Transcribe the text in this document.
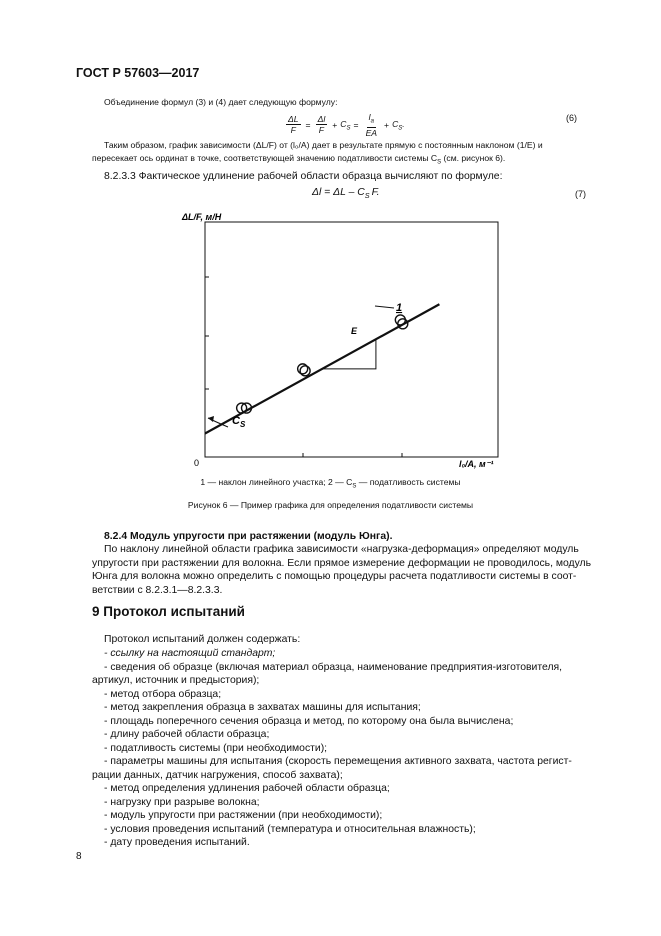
ГОСТ Р 57603—2017
Объединение формул (3) и (4) дает следующую формулу:
$\frac{\Delta L}{F} = \frac{\Delta l}{F} + C_S = \frac{l_a}{EA} + C_S$.
(6)
Таким образом, график зависимости (ΔL/F) от (l₀/A) дает в результате прямую с постоянным наклоном (1/E) и
пересекает ось ординат в точке, соответствующей значению податливости системы $C_S$ (см. рисунок 6).
8.2.3.3 Фактическое удлинение рабочей области образца вычисляют по формуле:
$\Delta l = \Delta L - C_S$ F.	(7)
ΔL/F, м/Н
0	l₀/A, м⁻¹
E
1
$C_S$
1 — наклон линейного участка; 2 — $C_S$ — податливость системы
Рисунок 6 — Пример графика для определения податливости системы
8.2.4 Модуль упругости при растяжении (модуль Юнга).
По наклону линейной области графика зависимости «нагрузка-деформация» определяют модуль
упругости при растяжении для волокна. Если прямое измерение деформации не проводилось, модуль
Юнга для волокна можно определить с помощью процедуры расчета податливости системы в соот-
ветствии с 8.2.3.1—8.2.3.3.
9 Протокол испытаний
Протокол испытаний должен содержать:
- ссылку на настоящий стандарт;
- сведения об образце (включая материал образца, наименование предприятия-изготовителя,
артикул, источник и предыстория);
- метод отбора образца;
- метод закрепления образца в захватах машины для испытания;
- площадь поперечного сечения образца и метод, по которому она была вычислена;
- длину рабочей области образца;
- податливость системы (при необходимости);
- параметры машины для испытания (скорость перемещения активного захвата, частота регист-
рации данных, датчик нагружения, способ захвата);
- метод определения удлинения рабочей области образца;
- нагрузку при разрыве волокна;
- модуль упругости при растяжении (при необходимости);
- условия проведения испытаний (температура и относительная влажность);
- дату проведения испытаний.
8
